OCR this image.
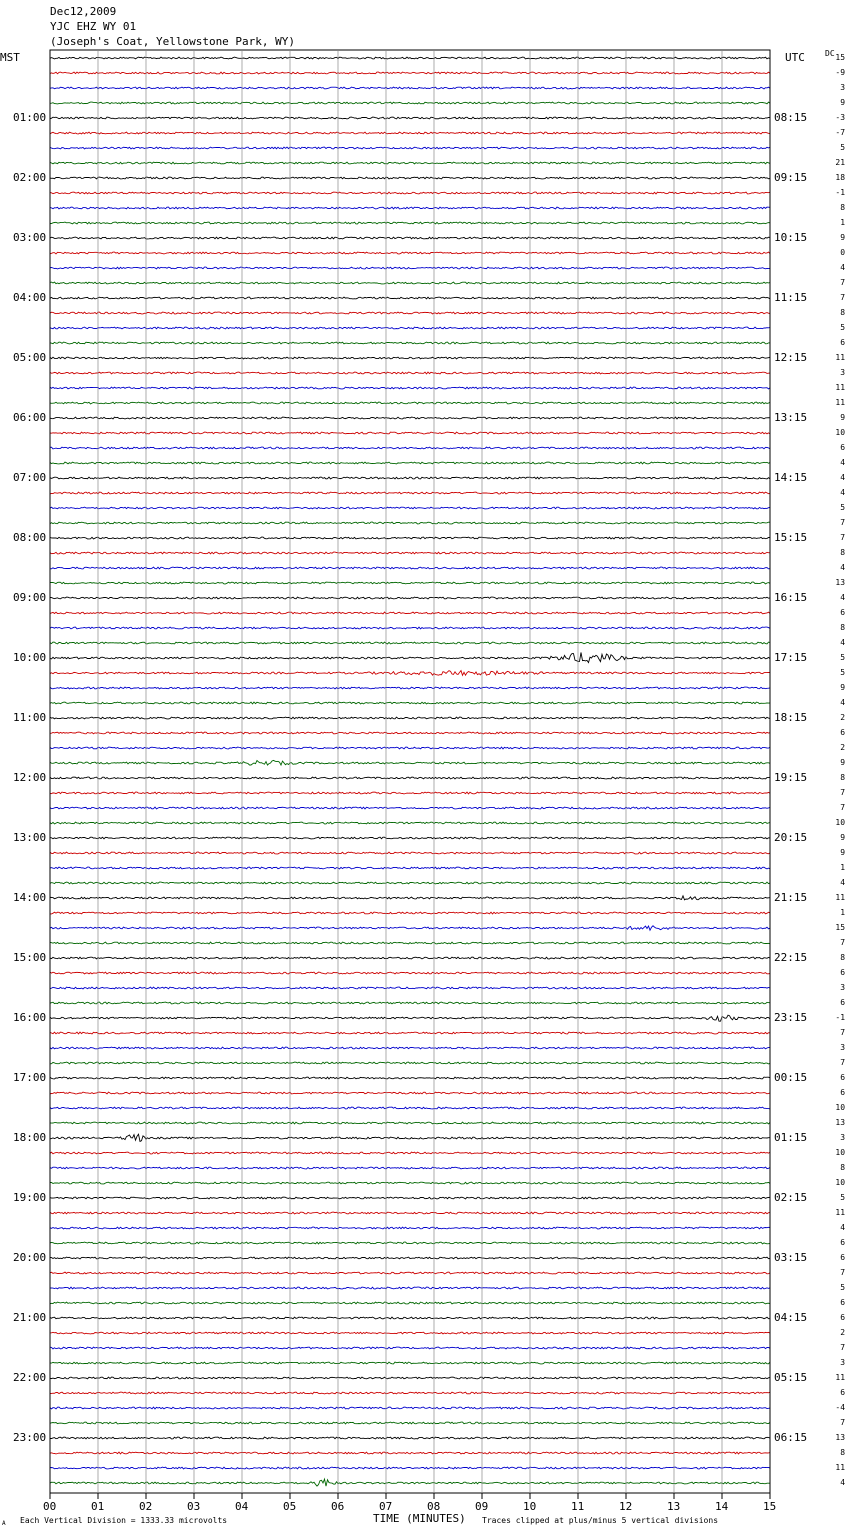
Dec12,2009
YJC EHZ WY 01
(Joseph's Coat, Yellowstone Park, WY)
MST	UTC	DC
01:00
02:00
03:00
04:00
05:00
06:00
07:00
08:00
09:00
10:00
11:00
12:00
13:00
14:00
15:00
16:00
17:00
18:00
19:00
20:00
21:00
22:00
23:00
08:15
09:15
10:15
11:15
12:15
13:15
14:15
15:15
16:15
17:15
18:15
19:15
20:15
21:15
22:15
23:15
00:15
01:15
02:15
03:15
04:15
05:15
06:15
15
-9
3
9
-3
-7
5
21
18
-1
8
1
9
0
4
7
7
8
5
6
11
3
11
11
9
10
6
4
4
4
5
7
7
8
4
13
4
6
8
4
5
5
9
4
2
6
2
9
8
7
7
10
9
9
1
4
11
1
15
7
8
6
3
6
-1
7
3
7
6
6
10
13
3
10
8
10
5
11
4
6
6
7
5
6
6
2
7
3
11
6
-4
7
13
8
11
4
00	01	02	03	04	05	06	07	08	09	10	11	12	13	14	15
Each Vertical Division = 1333.33 microvolts	TIME (MINUTES) Traces clipped at plus/minus 5 vertical divisions
A
